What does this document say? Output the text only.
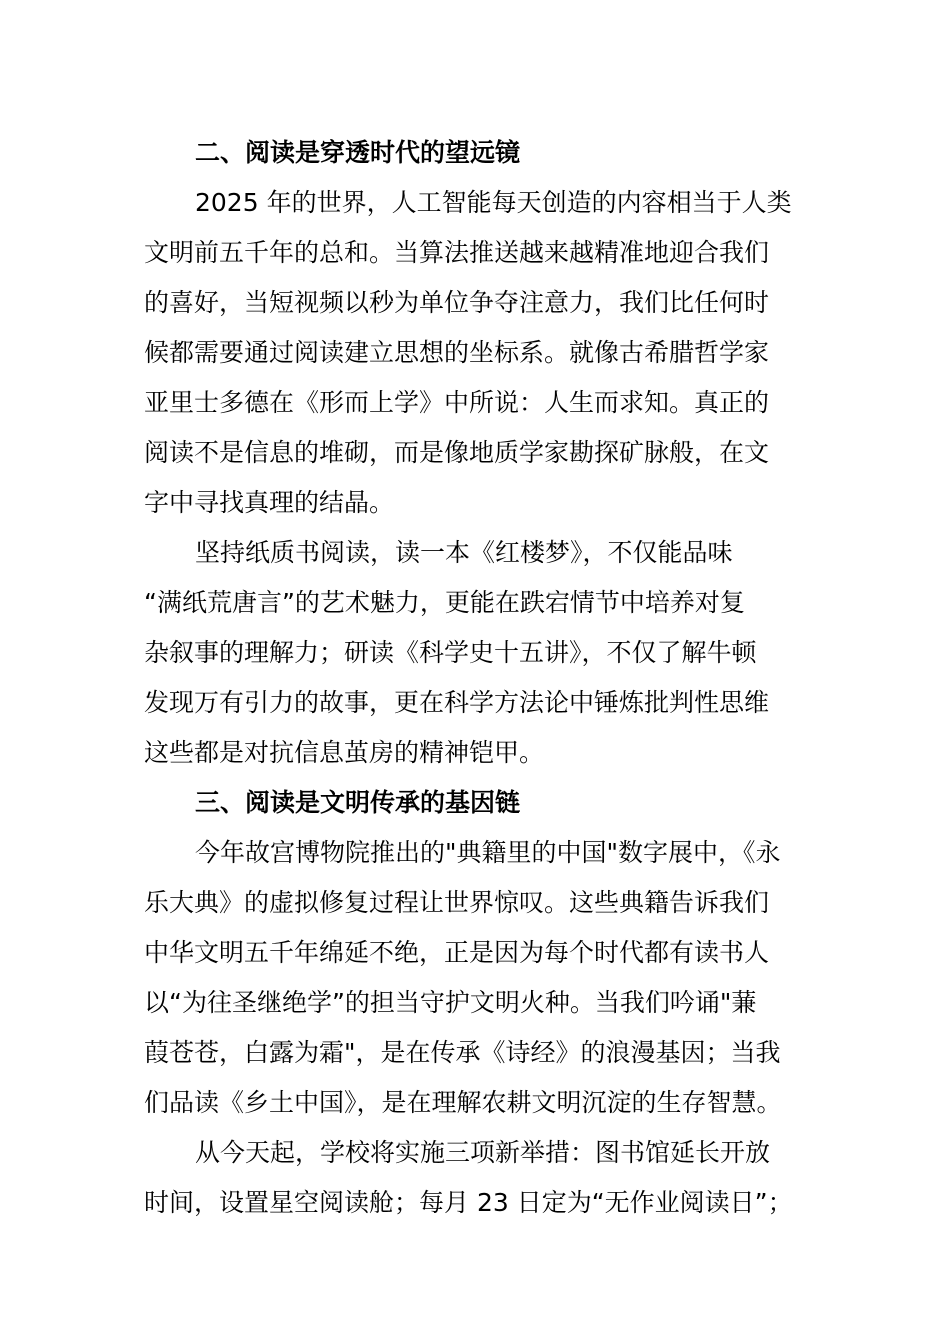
二、阅读是穿透时代的望远镜
2025 年的世界，人工智能每天创造的内容相当于人类
文明前五千年的总和。当算法推送越来越精准地迎合我们
的喜好，当短视频以秒为单位争夺注意力，我们比任何时
候都需要通过阅读建立思想的坐标系。就像古希腊哲学家
亚里士多德在《形而上学》中所说：人生而求知。真正的
阅读不是信息的堆砌，而是像地质学家勘探矿脉般，在文
字中寻找真理的结晶。
坚持纸质书阅读，读一本《红楼梦》，不仅能品味
“满纸荒唐言”的艺术魅力，更能在跌宕情节中培养对复
杂叙事的理解力；研读《科学史十五讲》，不仅了解牛顿
发现万有引力的故事，更在科学方法论中锤炼批判性思维
这些都是对抗信息茧房的精神铠甲。
三、阅读是文明传承的基因链
今年故宫博物院推出的"典籍里的中国"数字展中，《永
乐大典》的虚拟修复过程让世界惊叹。这些典籍告诉我们
中华文明五千年绵延不绝，正是因为每个时代都有读书人
以“为往圣继绝学”的担当守护文明火种。当我们吟诵"蒹
葭苍苍，白露为霜"，是在传承《诗经》的浪漫基因；当我
们品读《乡土中国》，是在理解农耕文明沉淀的生存智慧。
从今天起，学校将实施三项新举措：图书馆延长开放
时间，设置星空阅读舱；每月 23 日定为“无作业阅读日”；
